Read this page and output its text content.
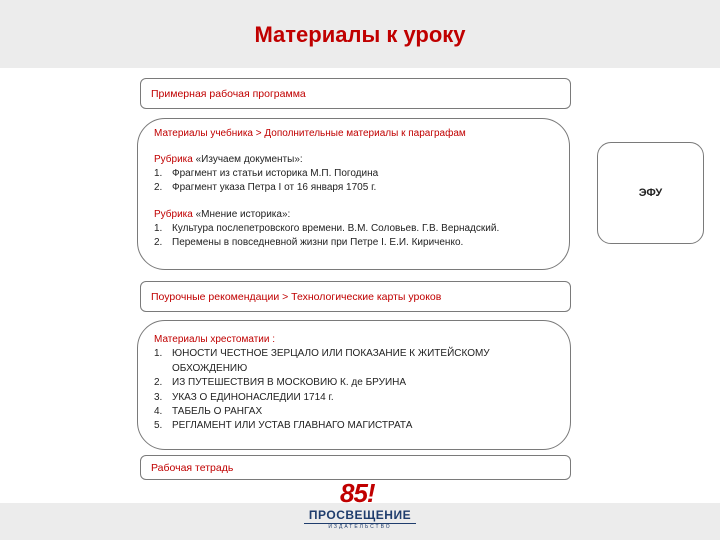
Материалы к уроку
Примерная рабочая программа
Материалы учебника > Дополнительные материалы к параграфам
Рубрика «Изучаем документы»:
1. Фрагмент из статьи историка М.П. Погодина
2. Фрагмент указа Петра I от 16 января 1705 г.
Рубрика «Мнение историка»:
1. Культура послепетровского времени. В.М. Соловьев. Г.В. Вернадский.
2. Перемены в повседневной жизни при Петре I. Е.И. Кириченко.
Поурочные рекомендации > Технологические карты уроков
Материалы хрестоматии :
1. ЮНОСТИ ЧЕСТНОЕ ЗЕРЦАЛО ИЛИ ПОКАЗАНИЕ К ЖИТЕЙСКОМУ ОБХОЖДЕНИЮ
2. ИЗ ПУТЕШЕСТВИЯ В МОСКОВИЮ К. де БРУИНА
3. УКАЗ О ЕДИНОНАСЛЕДИИ 1714 г.
4. ТАБЕЛЬ О РАНГАХ
5. РЕГЛАМЕНТ ИЛИ УСТАВ ГЛАВНАГО МАГИСТРАТА
Рабочая тетрадь
ЭФУ
85!
ПРОСВЕЩЕНИЕ
ИЗДАТЕЛЬСТВО
